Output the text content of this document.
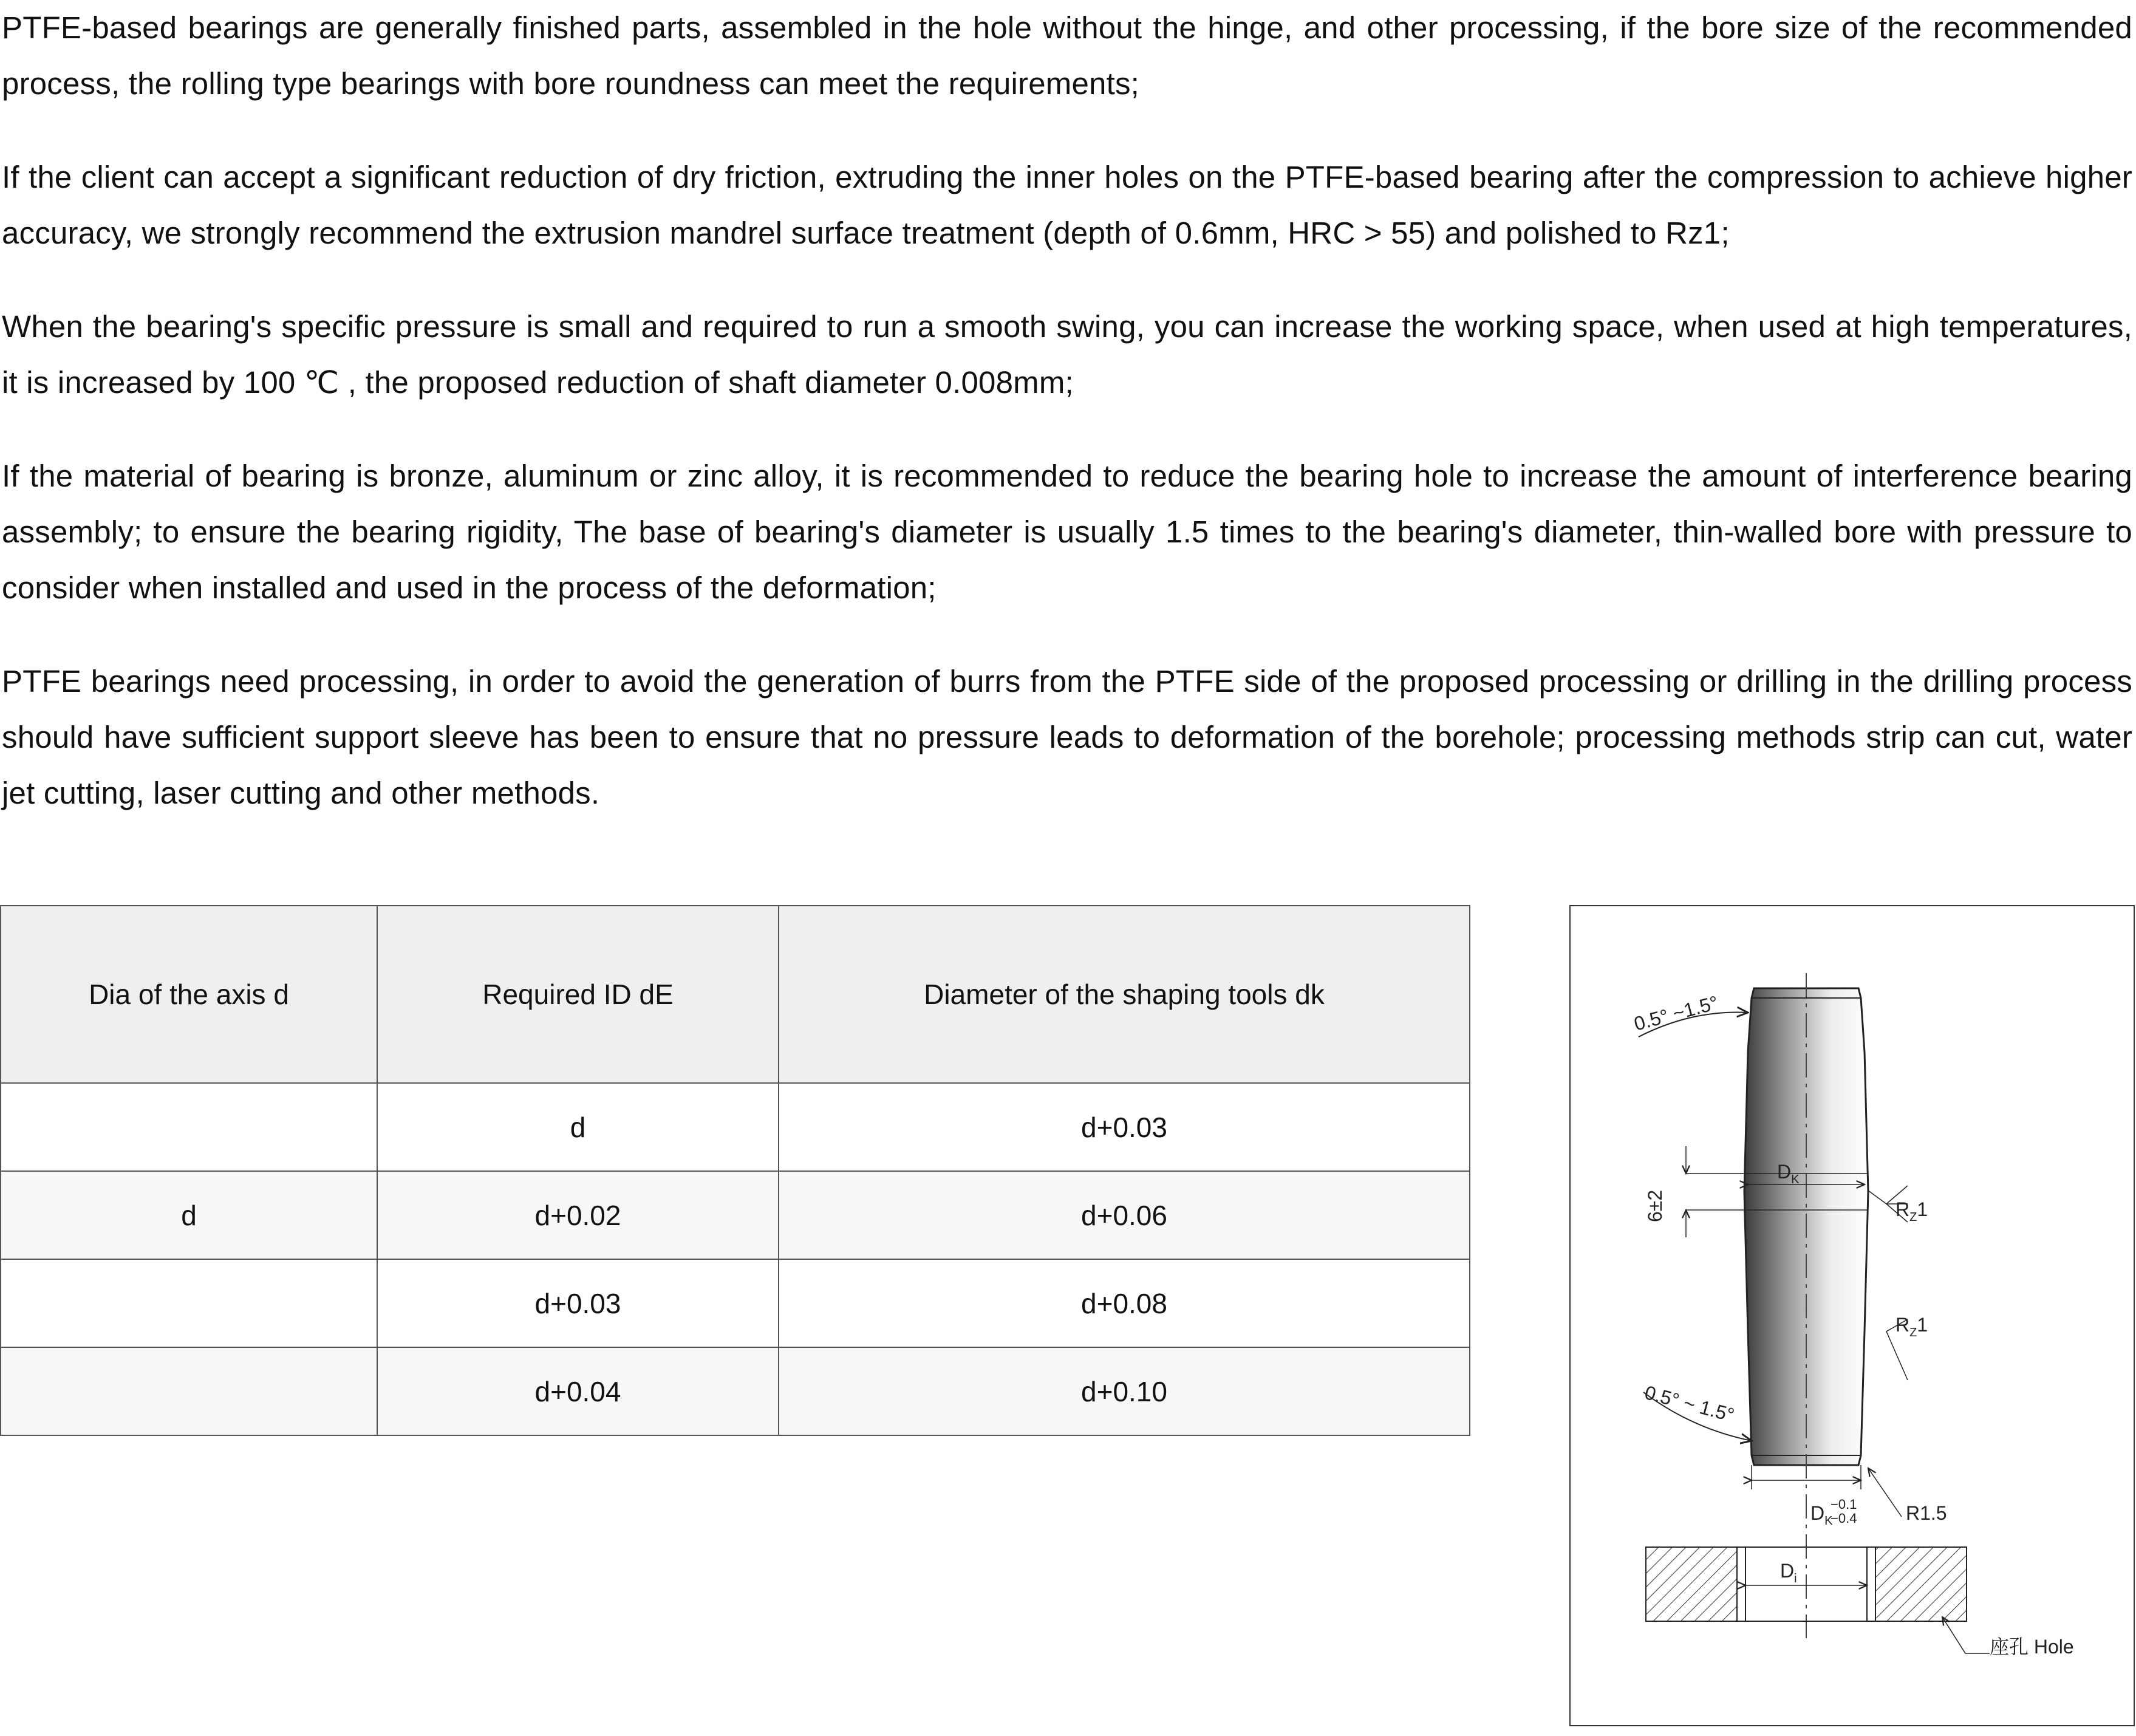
PTFE-based bearings are generally finished parts, assembled in the hole without the hinge, and other processing, if the bore size of the recommended process, the rolling type bearings with bore roundness can meet the requirements;

If the client can accept a significant reduction of dry friction, extruding the inner holes on the PTFE-based bearing after the compression to achieve higher accuracy, we strongly recommend the extrusion mandrel surface treatment (depth of 0.6mm, HRC > 55) and polished to Rz1;

When the bearing's specific pressure is small and required to run a smooth swing, you can increase the working space, when used at high temperatures, it is increased by 100 ℃ , the proposed reduction of shaft diameter 0.008mm;

If the material of bearing is bronze, aluminum or zinc alloy, it is recommended to reduce the bearing hole to increase the amount of interference bearing assembly; to ensure the bearing rigidity, The base of bearing's diameter is usually 1.5 times to the bearing's diameter, thin-walled bore with pressure to consider when installed and used in the process of the deformation;

PTFE bearings need processing, in order to avoid the generation of burrs from the PTFE side of the proposed processing or drilling in the drilling process should have sufficient support sleeve has been to ensure that no pressure leads to deformation of the borehole; processing methods strip can cut, water jet cutting, laser cutting and other methods.

Dia of the axis d	Required ID dE	Diameter of the shaping tools dk
	d	d+0.03
d	d+0.02	d+0.06
	d+0.03	d+0.08
	d+0.04	d+0.10
0.5° ~1.5°
6±2
$D_K$
$R_Z1$
$R_Z1$
0.5° ~ 1.5°
$D_K$
−0.1
−0.4	R1.5
$D_i$
座孔 Hole
